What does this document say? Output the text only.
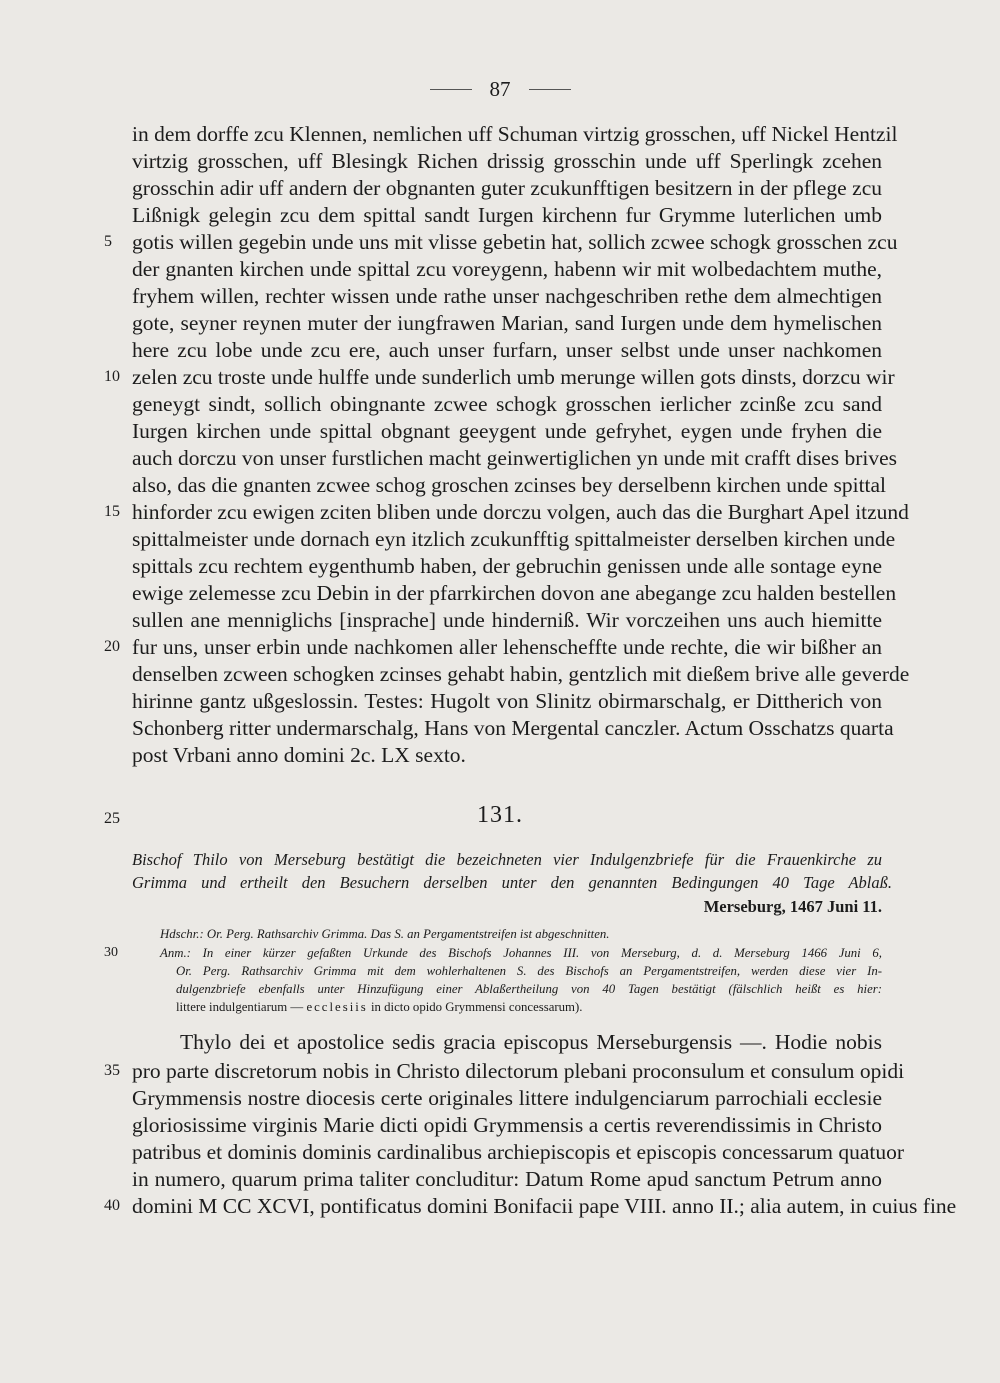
87
in dem dorffe zcu Klennen, nemlichen uff Schuman virtzig grosschen, uff Nickel Hentzil
virtzig grosschen, uff Blesingk Richen drissig grosschin unde uff Sperlingk zcehen
grosschin adir uff andern der obgnanten guter zcukunfftigen besitzern in der pflege zcu
Lißnigk gelegin zcu dem spittal sandt Iurgen kirchenn fur Grymme luterlichen umb
gotis willen gegebin unde uns mit vlisse gebetin hat, sollich zcwee schogk grosschen zcu
der gnanten kirchen unde spittal zcu voreygenn, habenn wir mit wolbedachtem muthe,
fryhem willen, rechter wissen unde rathe unser nachgeschriben rethe dem almechtigen
gote, seyner reynen muter der iungfrawen Marian, sand Iurgen unde dem hymelischen
here zcu lobe unde zcu ere, auch unser furfarn, unser selbst unde unser nachkomen
zelen zcu troste unde hulffe unde sunderlich umb merunge willen gots dinsts, dorzcu wir
geneygt sindt, sollich obingnante zcwee schogk grosschen ierlicher zcinße zcu sand
Iurgen kirchen unde spittal obgnant geeygent unde gefryhet, eygen unde fryhen die
auch dorczu von unser furstlichen macht geinwertiglichen yn unde mit crafft dises brives
also, das die gnanten zcwee schog groschen zcinses bey derselbenn kirchen unde spittal
hinforder zcu ewigen zciten bliben unde dorczu volgen, auch das die Burghart Apel itzund
spittalmeister unde dornach eyn itzlich zcukunfftig spittalmeister derselben kirchen unde
spittals zcu rechtem eygenthumb haben, der gebruchin genissen unde alle sontage eyne
ewige zelemesse zcu Debin in der pfarrkirchen dovon ane abegange zcu halden bestellen
sullen ane menniglichs [insprache] unde hinderniß. Wir vorczeihen uns auch hiemitte
fur uns, unser erbin unde nachkomen aller lehenscheffte unde rechte, die wir bißher an
denselben zcween schogken zcinses gehabt habin, gentzlich mit dießem brive alle geverde
hirinne gantz ußgeslossin. Testes: Hugolt von Slinitz obirmarschalg, er Dittherich von
Schonberg ritter undermarschalg, Hans von Mergental canczler. Actum Osschatzs quarta
post Vrbani anno domini 2c. LX sexto.
5
10
15
20
25	131.
Bischof Thilo von Merseburg bestätigt die bezeichneten vier Indulgenzbriefe für die Frauenkirche zu
Grimma und ertheilt den Besuchern derselben unter den genannten Bedingungen 40 Tage Ablaß.
Merseburg, 1467 Juni 11.
Hdschr.: Or. Perg. Rathsarchiv Grimma. Das S. an Pergamentstreifen ist abgeschnitten.
30	Anm.: In einer kürzer gefaßten Urkunde des Bischofs Johannes III. von Merseburg, d. d. Merseburg 1466 Juni 6,
Or. Perg. Rathsarchiv Grimma mit dem wohlerhaltenen S. des Bischofs an Pergamentstreifen, werden diese vier In-
dulgenzbriefe ebenfalls unter Hinzufügung einer Ablaßertheilung von 40 Tagen bestätigt (fälschlich heißt es hier:
littere indulgentiarum — ecclesiis in dicto opido Grymmensi concessarum).
Thylo dei et apostolice sedis gracia episcopus Merseburgensis —. Hodie nobis
pro parte discretorum nobis in Christo dilectorum plebani proconsulum et consulum opidi
Grymmensis nostre diocesis certe originales littere indulgenciarum parrochiali ecclesie
gloriosissime virginis Marie dicti opidi Grymmensis a certis reverendissimis in Christo
patribus et dominis dominis cardinalibus archiepiscopis et episcopis concessarum quatuor
in numero, quarum prima taliter concluditur: Datum Rome apud sanctum Petrum anno
domini M CC XCVI, pontificatus domini Bonifacii pape VIII. anno II.; alia autem, in cuius fine
35
40
